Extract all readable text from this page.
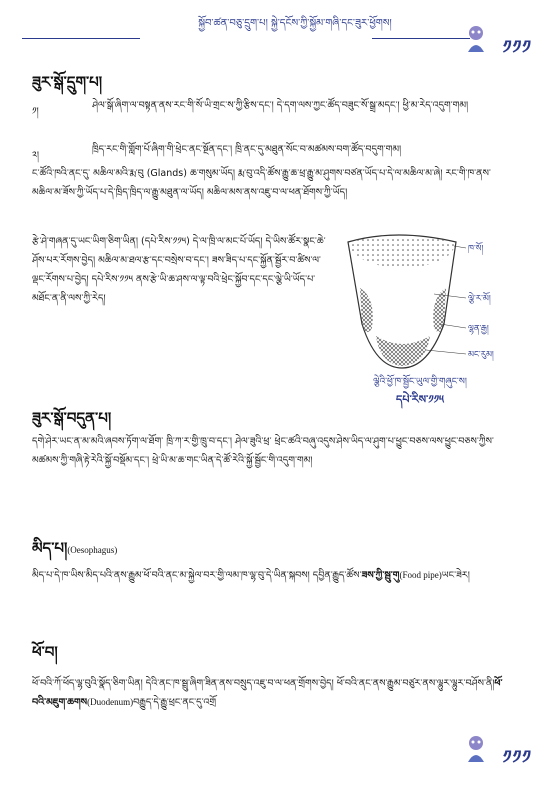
སྐྱོབ་ཚན་བཅུ་དྲུག་པ། སྐྱེ་དངོས་ཀྱི་སྐྱོམ་གཞི་དང་ཟུར་ཕྱོགས།
༡༡༡
ཟུར་སྒོ་དྲུག་པ།
༡།
ཤེལ་སྒོ་ཞིག་ལ་བསྟན་ནས་རང་གི་སོ་ཡི་གྲང་ས་ཀྱི་རྩིས་དང་། དེ་དག་ལས་ཀྱང་ཚོད་བཟུང་སོ་སྒྲ་མདང་། ཕྱི་མ་རེད་འདུག་གམ།
༢།
ཁྲིད་རང་གི་གློག་པོ་ཞིག་གི་ཕྲེང་ནང་སྔོན་དང་། ཁྲི་ནང་དུ་མཐུན་སོང་བ་མཚམས་བག་ཚོད་བདུག་གམ།
ང་ཚོའི་ཁའི་ནང་དུ་ མཆིལ་མའི་རྨ་བུ (Glands) ཆ་གསུམ་ཡོད། རྨ་བུ་འདི་ཚོས་རྒྱུ་ཆ་ཕྲ་རྒྱུ་མ་ཤུགས་བཙན་ཡོད་པ་དེ་ལ་མཆིལ་མ་ཞེ། རང་གི་ཁ་ནས་མཆིལ་མ་ཟོས་ཀྱི་ཡོད་པ་དེ་ཁྲིད་ཁྲིད་ལ་རྒྱུ་མཐུན་ལ་ཡོད། མཆིལ་མས་ནས་འཇུ་བ་ལ་ཕན་ཐོགས་ཀྱི་ཡོད།
རྩེ་ཤེ་གཞན་དུ་ཡང་ཡིག་ཅིག་ཡིན། (དཔེ་རིས་༡༡༥) དེ་ལ་ཁྲི་ལ་མང་པོ་ཡོད། དེ་ཡིས་ཚོར་སྣང་ཆེ་ཤོས་པར་རོགས་བྱེད། མཆིལ་མ་ཐལ་རྩ་དང་བསྲེས་བ་དང་། ཟས་ཟིད་པ་དང་སྐྱོན་སྦྱོར་བ་ཚིས་ལ་ལྡང་རོགས་པ་བྱེད། དཔེ་རིས་༡༡༥ ནས་རྩེ་ཡི་ཆ་ཤས་ལ་ལྟ་བའི་ཕྲེང་སྐྱོབ་དང་དང་ལྕེ་ཡི་ཡོད་པ་མཐོང་ན་ནི་ལས་ཀྱི་རེད།
ཁ་སོ།
ལྕེ་ར་མོ།
ལྷན་རྒྱ།
མང་རུམ།
ལྕེའི་ཕྱོ་ཁ་སྦྱོང་ཡུལ་གྱི་གཞུང་ས།
དཔེ་རིས་༡༡༥
ཟུར་སྒོ་བདུན་པ།
དགེ་ཤེར་ཡང་ན་མ་མའི་ཞབས་ཏོག་ལ་ཐོག་ ཁྲི་ཀ་ར་གྱི་ཁྲུ་བ་དང་། ཤེལ་ཟུའི་ཕྲ་ ཕྲེང་ཚའི་བཞུ་འདུས་ཤེས་ཡིད་ལ་ཤུག་པ་ཕྱུང་བཅས་ལས་ཕྱུང་བཅས་ཀྱིས་མཚམས་ཀྱི་གཞི་རྟེ་རེའི་སྐྱོ་བསྡོམ་དང་། ཕྲེ་ཡི་མ་ཆ་གང་ཡིན་དེ་ཚོ་རེའི་སྐྱོ་སྦྱོང་གི་འདུག་གམ།
མིད་པ།(Oesophagus)
མིད་པ་དེ་ཁ་ཡིས་མིད་པའི་ནས་རྒྱུམ་ཕོ་བའི་ནང་མ་སྐྱེལ་བར་གྱི་ལམ་ཁ་ལྷ་བུ་དེ་ཡིན་སྐབས། དབྱིན་རྒྱུད་ཚོས་ཟས་ཀྱི་སྦུ་གུ(Food pipe)ཡང་ཟེར།
ཕོ་བ།
ཕོ་བའི་ཀོ་ཕོད་ལྷ་བུའི་སྣོད་ཅིག་ཡིན། དེའི་ནང་ཁ་སྦྲུ་ཞིག་ཟིན་ནས་བསྲུད་འཇུ་བ་ལ་ཕན་གྲོགས་བྱེད། ཕོ་བའི་ནང་ནས་རྒྱུམ་བཙུར་ནས་ལྷུར་ལྷུར་བཤོས་ནི།ཕོ་བའི་མཇུག་ཆགས(Duodenum)བརྒྱུད་དེ་རྒྱུ་ཕྲང་ནང་དུ་འགྲོ
༡༡༡
